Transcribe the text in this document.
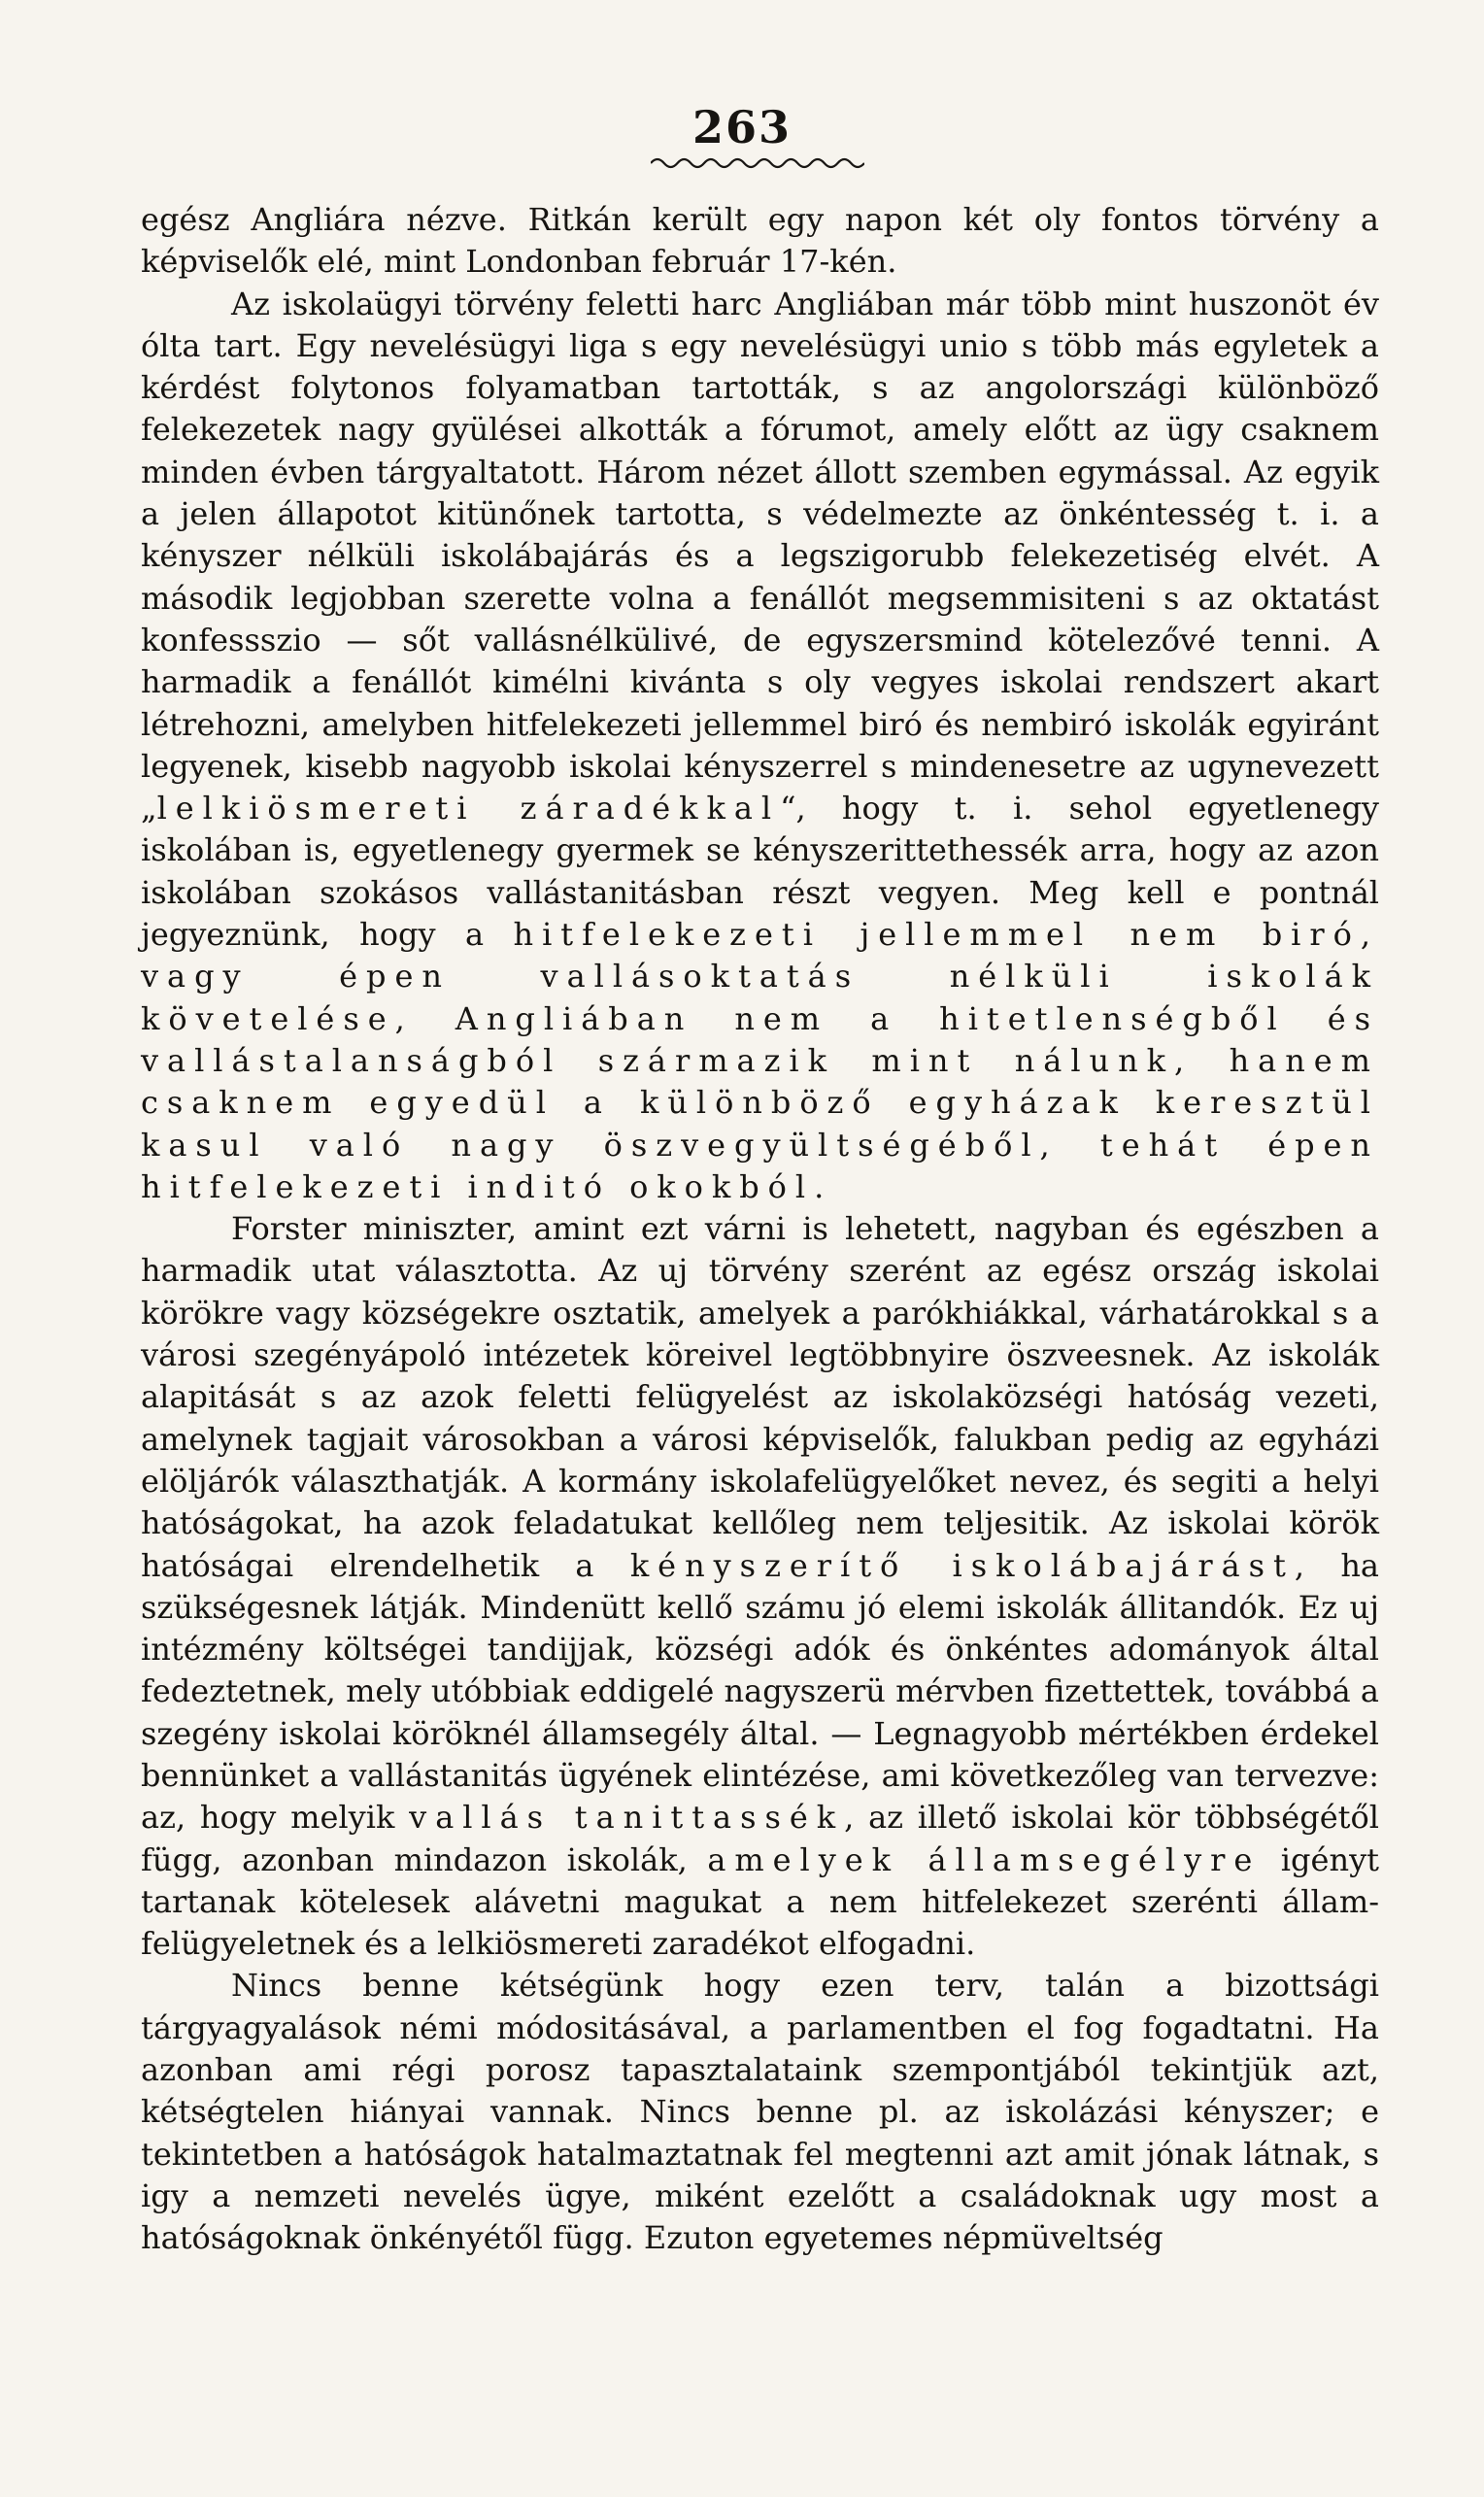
263

egész Angliára nézve. Ritkán került egy napon két oly fontos törvény a képviselők elé, mint Londonban február 17-kén.

Az iskolaügyi törvény feletti harc Angliában már több mint huszonöt év ólta tart. Egy nevelésügyi liga s egy nevelésügyi unio s több más egyletek a kérdést folytonos folyamatban tartották, s az angolországi különböző felekezetek nagy gyülései alkották a fórumot, amely előtt az ügy csaknem minden évben tárgyaltatott. Három nézet állott szemben egymással. Az egyik a jelen állapotot kitünőnek tartotta, s védelmezte az önkéntesség t. i. a kényszer nélküli iskolábajárás és a legszigorubb felekezetiség elvét. A második legjobban szerette volna a fenállót megsemmisiteni s az oktatást konfessszio — sőt vallásnélkülivé, de egyszersmind kötelezővé tenni. A harmadik a fenállót kimélni kivánta s oly vegyes iskolai rendszert akart létrehozni, amelyben hitfelekezeti jellemmel biró és nembiró iskolák egyiránt legyenek, kisebb nagyobb iskolai kényszerrel s mindenesetre az ugynevezett „lelkiösmereti záradékkal“, hogy t. i. sehol egyetlenegy iskolában is, egyetlenegy gyermek se kényszerittethessék arra, hogy az azon iskolában szokásos vallástanitásban részt vegyen. Meg kell e pontnál jegyeznünk, hogy a hitfelekezeti jellemmel nem biró, vagy épen vallásoktatás nélküli iskolák követelése, Angliában nem a hitetlenségből és vallástalanságból származik mint nálunk, hanem csaknem egyedül a különböző egyházak keresztül kasul való nagy öszvegyültségéből, tehát épen hitfelekezeti inditó okokból.

Forster miniszter, amint ezt várni is lehetett, nagyban és egészben a harmadik utat választotta. Az uj törvény szerént az egész ország iskolai körökre vagy községekre osztatik, amelyek a parókhiákkal, várhatárokkal s a városi szegényápoló intézetek köreivel legtöbbnyire öszveesnek. Az iskolák alapitását s az azok feletti felügyelést az iskolaközségi hatóság vezeti, amelynek tagjait városokban a városi képviselők, falukban pedig az egyházi elöljárók választhatják. A kormány iskolafelügyelőket nevez, és segiti a helyi hatóságokat, ha azok feladatukat kellőleg nem teljesitik. Az iskolai körök hatóságai elrendelhetik a kényszerítő iskolábajárást, ha szükségesnek látják. Mindenütt kellő számu jó elemi iskolák állitandók. Ez uj intézmény költségei tandijjak, községi adók és önkéntes adományok által fedeztetnek, mely utóbbiak eddigelé nagyszerü mérvben fizettettek, továbbá a szegény iskolai köröknél államsegély által. — Legnagyobb mértékben érdekel bennünket a vallástanitás ügyének elintézése, ami következőleg van tervezve: az, hogy melyik vallás tanittassék, az illető iskolai kör többségétől függ, azonban mindazon iskolák, amelyek államsegélyre igényt tartanak kötelesek alávetni magukat a nem hitfelekezet szerénti állam-felügyeletnek és a lelkiösmereti zaradékot elfogadni.

Nincs benne kétségünk hogy ezen terv, talán a bizottsági tárgyagyalások némi módositásával, a parlamentben el fog fogadtatni. Ha azonban ami régi porosz tapasztalataink szempontjából tekintjük azt, kétségtelen hiányai vannak. Nincs benne pl. az iskolázási kényszer; e tekintetben a hatóságok hatalmaztatnak fel megtenni azt amit jónak látnak, s igy a nemzeti nevelés ügye, miként ezelőtt a családoknak ugy most a hatóságoknak önkényétől függ. Ezuton egyetemes népmüveltség
